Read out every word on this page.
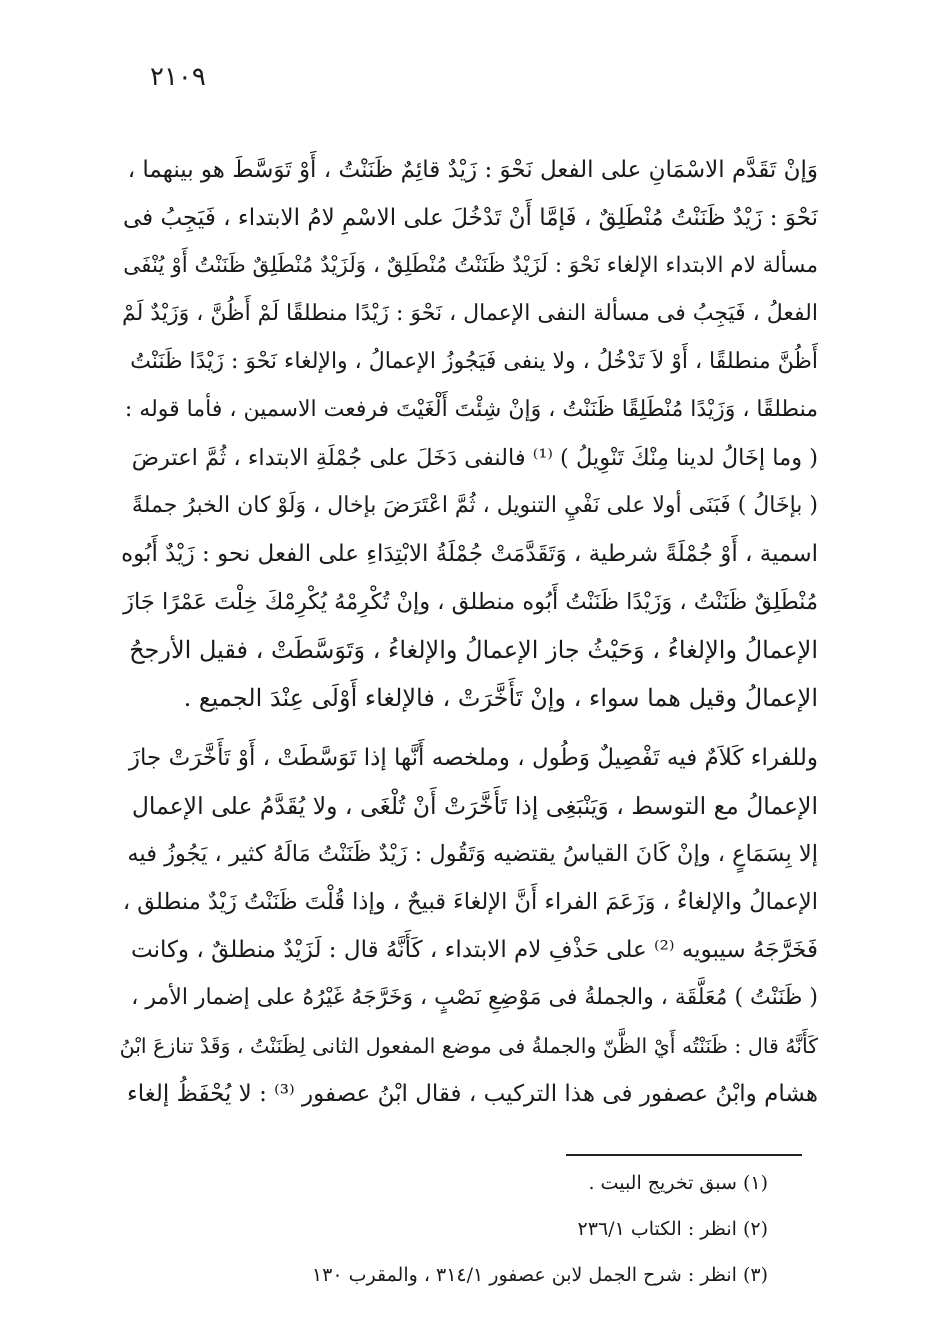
٢١٠٩
وَإنْ تَقَدَّم الاسْمَانِ على الفعل نَحْوَ : زَيْدٌ قائِمٌ ظَنَنْتُ ، أَوْ تَوَسَّطَ هو بينهما ،
نَحْوَ : زَيْدٌ ظَنَنْتُ مُنْطَلِقٌ ، فَإمَّا أَنْ تَدْخُلَ على الاسْمِ لامُ الابتداء ، فَيَجِبُ فى
مسألة لام الابتداء الإلغاء نَحْوَ : لَزَيْدٌ ظَنَنْتُ مُنْطَلِقٌ ، وَلَزَيْدٌ مُنْطَلِقٌ ظَنَنْتُ أَوْ يُنْفَى
الفعلُ ، فَيَجِبُ فى مسألة النفى الإعمال ، نَحْوَ : زَيْدًا منطلقًا لَمْ أَظُنَّ ، وَزَيْدٌ لَمْ
أَظُنَّ منطلقًا ، أَوْ لاَ تَدْخُلُ ، ولا ينفى فَيَجُوزُ الإعمالُ ، والإلغاء نَحْوَ : زَيْدًا ظَنَنْتُ
منطلقًا ، وَزَيْدًا مُنْطَلِقًا ظَنَنْتُ ، وَإنْ شِئْتَ أَلْغَيْتَ فرفعت الاسمين ، فأما قوله :
( وما إخَالُ لدينا مِنْكَ تَنْوِيلُ ) ⁽¹⁾ فالنفى دَخَلَ على جُمْلَةِ الابتداء ، ثُمَّ اعترضَ
( بإخَالُ ) فَبَنَى أولا على نَفْيِ التنويل ، ثُمَّ اعْتَرَضَ بإخال ، وَلَوْ كان الخبرُ جملةً
اسمية ، أَوْ جُمْلَةً شرطية ، وَتَقَدَّمَتْ جُمْلَةُ الابْتِدَاءِ على الفعل نحو : زَيْدٌ أَبُوه
مُنْطَلِقٌ ظَنَنْتُ ، وَزَيْدًا ظَنَنْتُ أَبُوه منطلق ، وإنْ تُكْرِمْهُ يُكْرِمْكَ خِلْتَ عَمْرًا جَازَ
الإعمالُ والإلغاءُ ، وَحَيْثُ جاز الإعمالُ والإلغاءُ ، وَتَوَسَّطَتْ ، فقيل الأرجحُ
الإعمالُ وقيل هما سواء ، وإنْ تَأَخَّرَتْ ، فالإلغاء أَوْلَى عِنْدَ الجميع .
وللفراء كَلاَمٌ فيه تَفْصِيلٌ وَطُول ، وملخصه أَنَّها إذا تَوَسَّطَتْ ، أَوْ تَأَخَّرَتْ جازَ
الإعمالُ مع التوسط ، وَيَنْبَغِى إذا تَأَخَّرَتْ أَنْ تُلْغَى ، ولا يُقَدَّمُ على الإعمال
إلا بِسَمَاعٍ ، وإنْ كَانَ القياسُ يقتضيه وَتَقُول : زَيْدٌ ظَنَنْتُ مَالَهُ كثير ، يَجُوزُ فيه
الإعمالُ والإلغاءُ ، وَزَعَمَ الفراء أَنَّ الإلغاءَ قبيحٌ ، وإذا قُلْتَ ظَنَنْتُ زَيْدٌ منطلق ،
فَخَرَّجَهُ سيبويه ⁽²⁾ على حَذْفِ لام الابتداء ، كَأَنَّهُ قال : لَزَيْدٌ منطلقٌ ، وكانت
( ظَنَنْتُ ) مُعَلَّقَة ، والجملةُ فى مَوْضِعِ نَصْبٍ ، وَخَرَّجَهُ غَيْرُهُ على إضمار الأمر ،
كَأَنَّهُ قال : ظَنَنْتُه أَيْ الظَّنّ والجملةُ فى موضع المفعول الثانى لِظَنَنْتُ ، وَقَدْ تنازعَ ابْنُ
هشام وابْنُ عصفور فى هذا التركيب ، فقال ابْنُ عصفور ⁽³⁾ : لا يُحْفَظُ إلغاء
(١) سبق تخريج البيت .
(٢) انظر : الكتاب ٢٣٦/١
(٣) انظر : شرح الجمل لابن عصفور ٣١٤/١ ، والمقرب ١٣٠
